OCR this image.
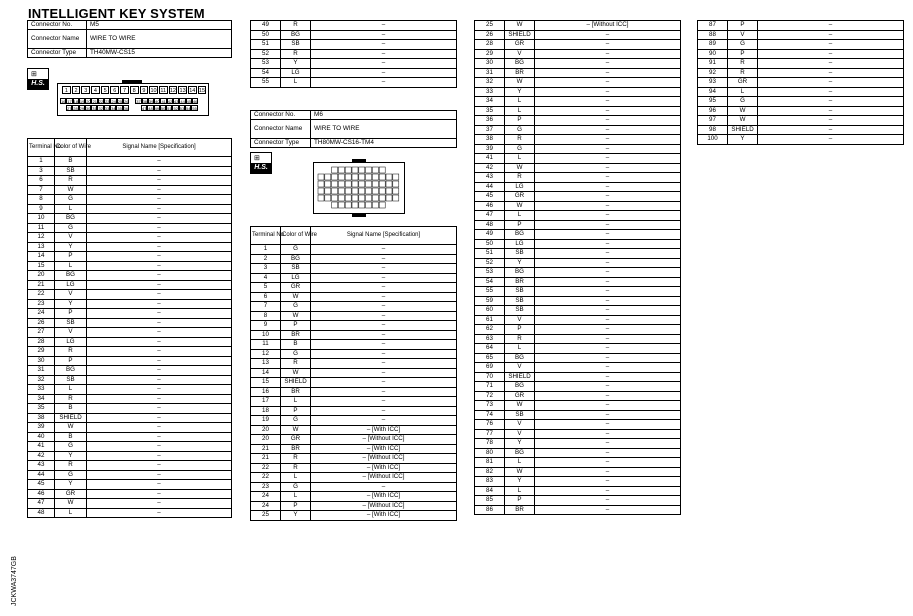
INTELLIGENT KEY SYSTEM
JCKWA3747GB
Connector No.	M5
Connector Name	WIRE TO WIRE
Connector Type	TH40MW-CS15
⊞
H.S.
1	2	3	4	5	6	7	8	9 10 11 12 13 14 15
16 17 18 19 20 21 22 23 24 25 26 37 38 39 40 41 42 43 44 45 46
27 28 29 30 31 32 33 34 35 36	47 48 49 50 51 52 53 54 55
Terminal No.	Color of Wire	Signal Name [Specification]
1	B	–
3	SB	–
6	R	–
7	W	–
8	G	–
9	L	–
10	BG	–
11	G	–
12	V	–
13	Y	–
14	P	–
15	L	–
20	BG	–
21	LG	–
22	V	–
23	Y	–
24	P	–
26	SB	–
27	V	–
28	LG	–
29	R	–
30	P	–
31	BG	–
32	SB	–
33	L	–
34	R	–
35	B	–
38	SHIELD	–
39	W	–
40	B	–
41	G	–
42	Y	–
43	R	–
44	G	–
45	Y	–
46	GR	–
47	W	–
48	L	–
49	R	–
50	BG	–
51	SB	–
52	R	–
53	Y	–
54	LG	–
55	L	–
Connector No.	M6
Connector Name	WIRE TO WIRE
Connector Type	TH80MW-CS16-TM4
⊞
H.S.
Terminal No.	Color of Wire	Signal Name [Specification]
1	G	–
2	BG	–
3	SB	–
4	LG	–
5	GR	–
6	W	–
7	G	–
8	W	–
9	P	–
10	BR	–
11	B	–
12	G	–
13	R	–
14	W	–
15	SHIELD	–
16	BR	–
17	L	–
18	P	–
19	G	–
20	W	– [With ICC]
20	GR	– [Without ICC]
21	BR	– [With ICC]
21	R	– [Without ICC]
22	R	– [With ICC]
22	L	– [Without ICC]
23	G	–
24	L	– [With ICC]
24	P	– [Without ICC]
25	Y	– [With ICC]
25	W	– [Without ICC]
26	SHIELD	–
28	GR	–
29	V	–
30	BG	–
31	BR	–
32	W	–
33	Y	–
34	L	–
35	L	–
36	P	–
37	G	–
38	R	–
39	G	–
41	L	–
42	W	–
43	R	–
44	LG	–
45	GR	–
46	W	–
47	L	–
48	P	–
49	BG	–
50	LG	–
51	SB	–
52	Y	–
53	BG	–
54	BR	–
55	SB	–
59	SB	–
60	SB	–
61	V	–
62	P	–
63	R	–
64	L	–
65	BG	–
69	V	–
70	SHIELD	–
71	BG	–
72	GR	–
73	W	–
74	SB	–
76	V	–
77	V	–
78	Y	–
80	BG	–
81	L	–
82	W	–
83	Y	–
84	L	–
85	P	–
86	BR	–
87	P	–
88	V	–
89	G	–
90	P	–
91	R	–
92	R	–
93	GR	–
94	L	–
95	G	–
96	W	–
97	W	–
98	SHIELD	–
100	Y	–
